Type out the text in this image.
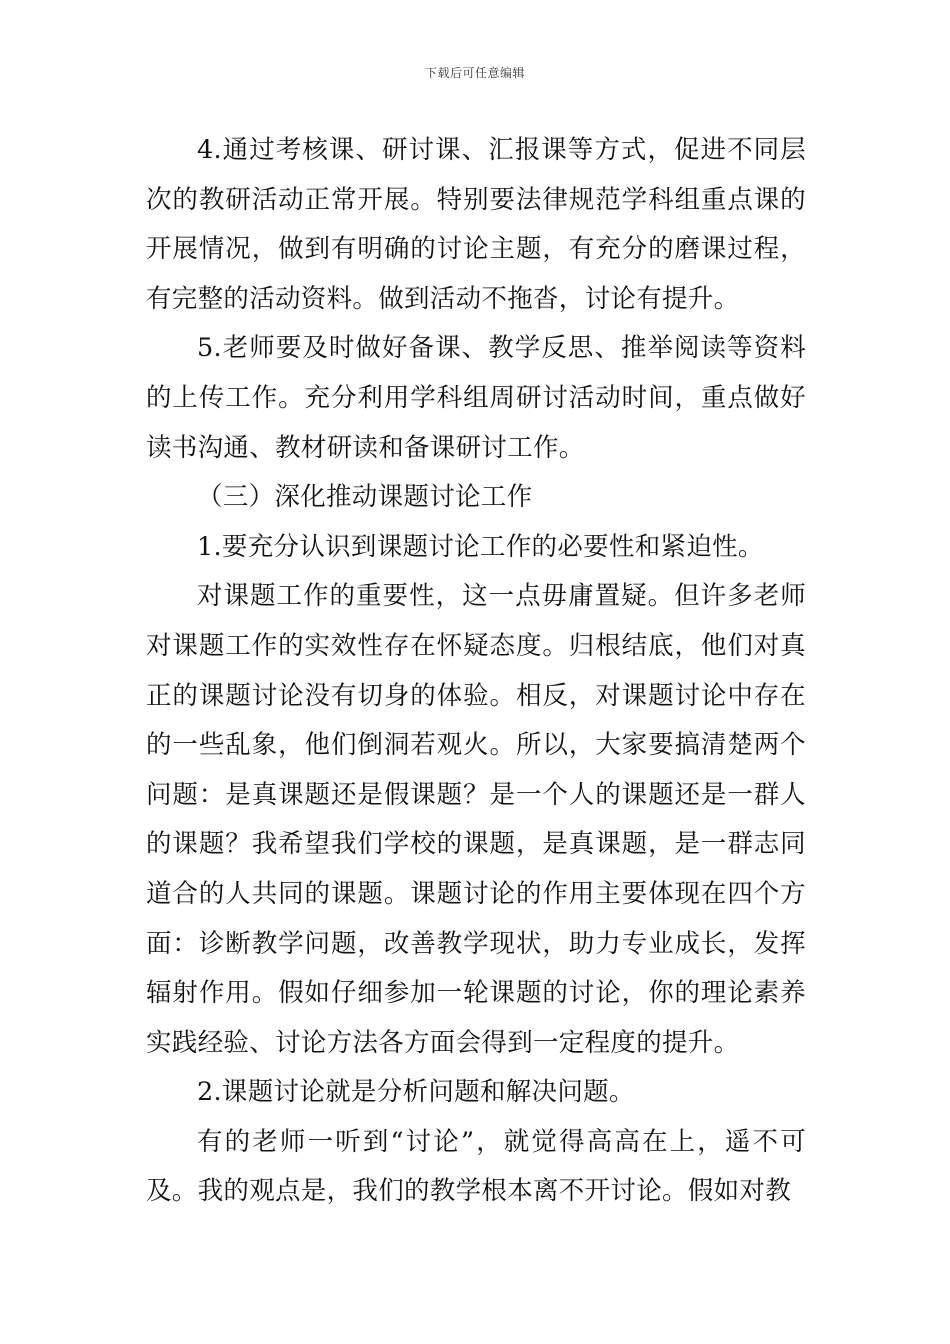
下载后可任意编辑

4.通过考核课、研讨课、汇报课等方式，促进不同层次的教研活动正常开展。特别要法律规范学科组重点课的开展情况，做到有明确的讨论主题，有充分的磨课过程，有完整的活动资料。做到活动不拖沓，讨论有提升。

5.老师要及时做好备课、教学反思、推举阅读等资料的上传工作。充分利用学科组周研讨活动时间，重点做好读书沟通、教材研读和备课研讨工作。

（三）深化推动课题讨论工作

1.要充分认识到课题讨论工作的必要性和紧迫性。

对课题工作的重要性，这一点毋庸置疑。但许多老师对课题工作的实效性存在怀疑态度。归根结底，他们对真正的课题讨论没有切身的体验。相反，对课题讨论中存在的一些乱象，他们倒洞若观火。所以，大家要搞清楚两个问题：是真课题还是假课题？是一个人的课题还是一群人的课题？我希望我们学校的课题，是真课题，是一群志同道合的人共同的课题。课题讨论的作用主要体现在四个方面：诊断教学问题，改善教学现状，助力专业成长，发挥辐射作用。假如仔细参加一轮课题的讨论，你的理论素养实践经验、讨论方法各方面会得到一定程度的提升。

2.课题讨论就是分析问题和解决问题。

有的老师一听到“讨论”，就觉得高高在上，遥不可及。我的观点是，我们的教学根本离不开讨论。假如对教
